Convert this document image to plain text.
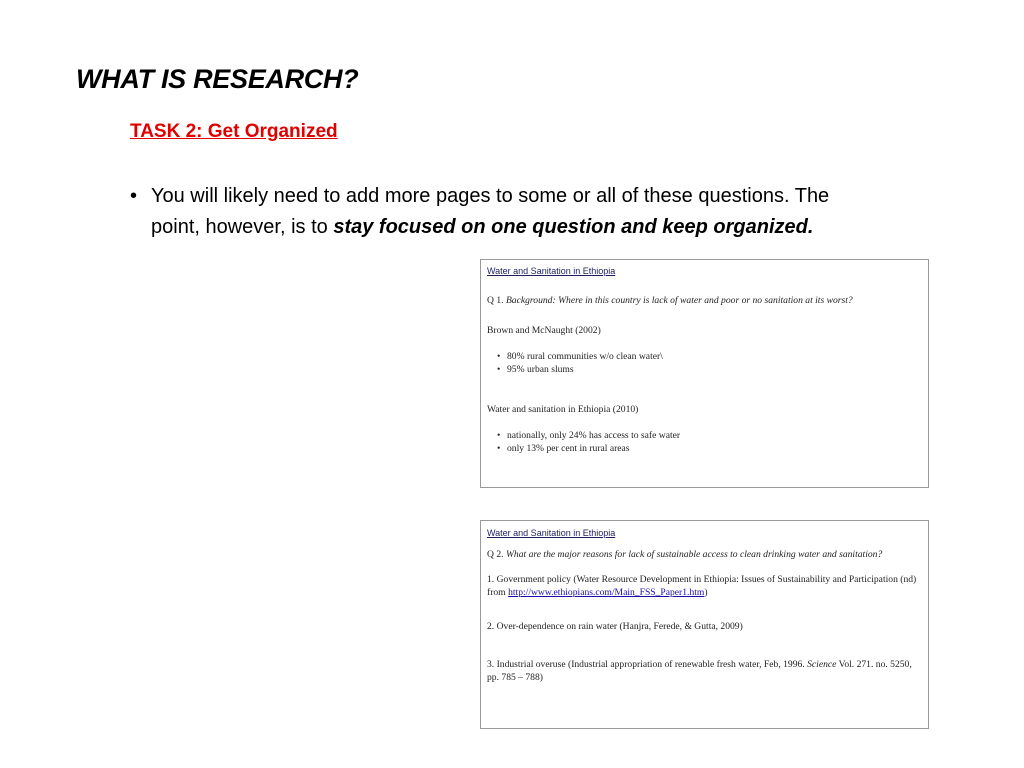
WHAT IS RESEARCH?
TASK 2: Get Organized
• You will likely need to add more pages to some or all of these questions. The point, however, is to stay focused on one question and keep organized.
Water and Sanitation in Ethiopia
Q 1. Background: Where in this country is lack of water and poor or no sanitation at its worst?
Brown and McNaught (2002)
• 80% rural communities w/o clean water\
• 95% urban slums
Water and sanitation in Ethiopia (2010)
• nationally, only 24% has access to safe water
• only 13% per cent in rural areas
Water and Sanitation in Ethiopia
Q 2. What are the major reasons for lack of sustainable access to clean drinking water and sanitation?
1. Government policy (Water Resource Development in Ethiopia: Issues of Sustainability and Participation (nd) from http://www.ethiopians.com/Main_FSS_Paper1.htm)
2. Over-dependence on rain water (Hanjra, Ferede, & Gutta, 2009)
3. Industrial overuse (Industrial appropriation of renewable fresh water, Feb, 1996. Science Vol. 271. no. 5250, pp. 785 – 788)
